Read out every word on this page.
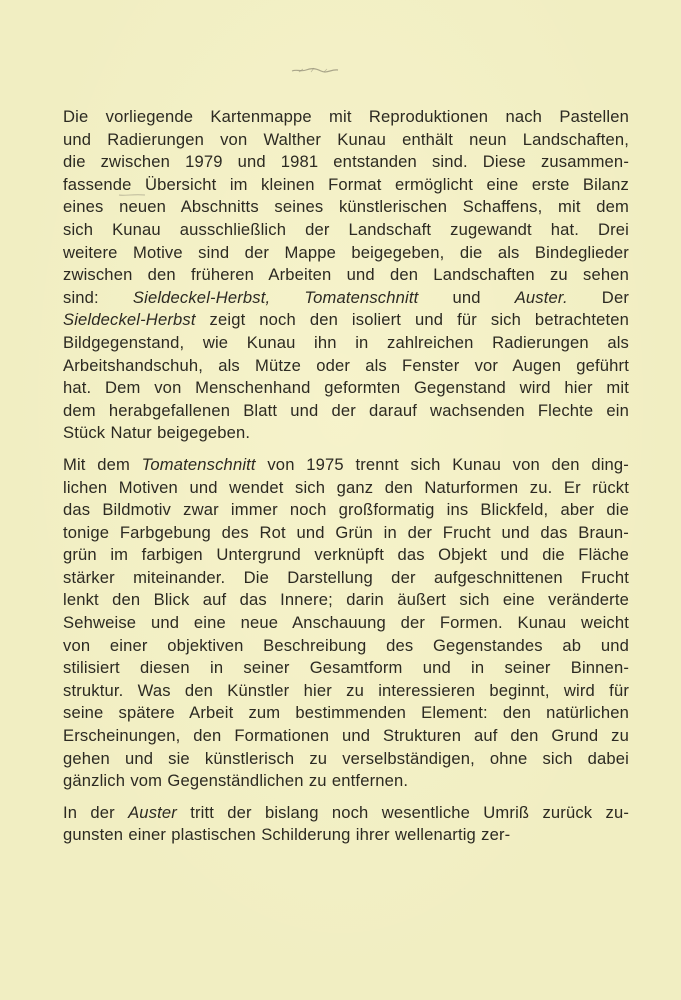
Die vorliegende Kartenmappe mit Reproduktionen nach Pastellen
und Radierungen von Walther Kunau enthält neun Landschaften,
die zwischen 1979 und 1981 entstanden sind. Diese zusammen-
fassende Übersicht im kleinen Format ermöglicht eine erste Bilanz
eines neuen Abschnitts seines künstlerischen Schaffens, mit dem
sich Kunau ausschließlich der Landschaft zugewandt hat. Drei
weitere Motive sind der Mappe beigegeben, die als Bindeglieder
zwischen den früheren Arbeiten und den Landschaften zu sehen
sind: Sieldeckel-Herbst, Tomatenschnitt und Auster. Der
Sieldeckel-Herbst zeigt noch den isoliert und für sich betrachteten
Bildgegenstand, wie Kunau ihn in zahlreichen Radierungen als
Arbeitshandschuh, als Mütze oder als Fenster vor Augen geführt
hat. Dem von Menschenhand geformten Gegenstand wird hier mit
dem herabgefallenen Blatt und der darauf wachsenden Flechte ein
Stück Natur beigegeben.
Mit dem Tomatenschnitt von 1975 trennt sich Kunau von den ding-
lichen Motiven und wendet sich ganz den Naturformen zu. Er rückt
das Bildmotiv zwar immer noch großformatig ins Blickfeld, aber die
tonige Farbgebung des Rot und Grün in der Frucht und das Braun-
grün im farbigen Untergrund verknüpft das Objekt und die Fläche
stärker miteinander. Die Darstellung der aufgeschnittenen Frucht
lenkt den Blick auf das Innere; darin äußert sich eine veränderte
Sehweise und eine neue Anschauung der Formen. Kunau weicht
von einer objektiven Beschreibung des Gegenstandes ab und
stilisiert diesen in seiner Gesamtform und in seiner Binnen-
struktur. Was den Künstler hier zu interessieren beginnt, wird für
seine spätere Arbeit zum bestimmenden Element: den natürlichen
Erscheinungen, den Formationen und Strukturen auf den Grund zu
gehen und sie künstlerisch zu verselbständigen, ohne sich dabei
gänzlich vom Gegenständlichen zu entfernen.
In der Auster tritt der bislang noch wesentliche Umriß zurück zu-
gunsten einer plastischen Schilderung ihrer wellenartig zer-
